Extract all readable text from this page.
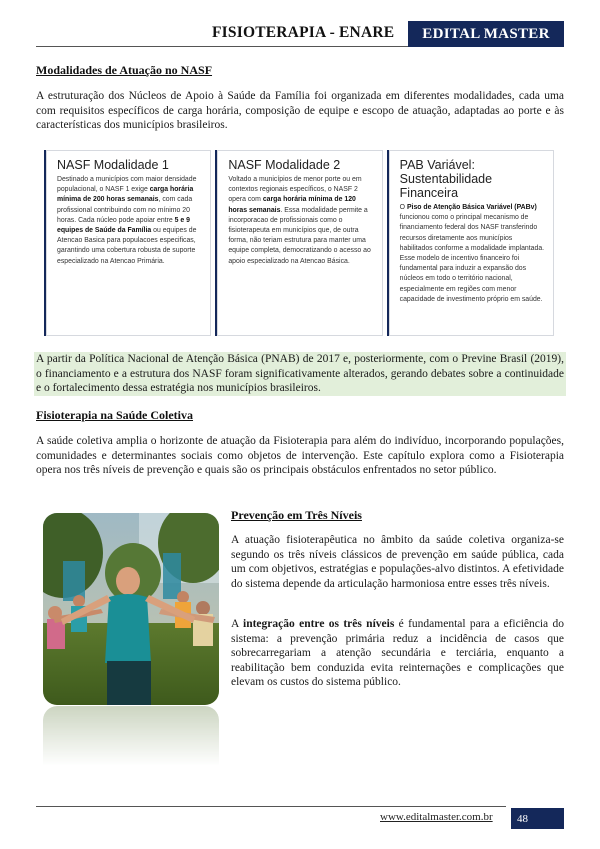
FISIOTERAPIA - ENARE	EDITAL MASTER
Modalidades de Atuação no NASF

A estruturação dos Núcleos de Apoio à Saúde da Família foi organizada em diferentes modalidades, cada uma com requisitos específicos de carga horária, composição de equipe e escopo de atuação, adaptadas ao porte e às características dos municípios brasileiros.

NASF Modalidade 1

Destinado a municípios com maior densidade populacional, o NASF 1 exige carga horária mínima de 200 horas semanais, com cada profissional contribuindo com no mínimo 20 horas. Cada núcleo pode apoiar entre 5 e 9 equipes de Saúde da Família ou equipes de Atencao Basica para populacoes especificas, garantindo uma cobertura robusta de suporte especializado na Atencao Primária.

NASF Modalidade 2

Voltado a municípios de menor porte ou em contextos regionais específicos, o NASF 2 opera com carga horária mínima de 120 horas semanais. Essa modalidade permite a incorporacao de profissionais como o fisioterapeuta em municípios que, de outra forma, não teriam estrutura para manter uma equipe completa, democratizando o acesso ao apoio especializado na Atencao Básica.

PAB Variável: Sustentabilidade Financeira

O Piso de Atenção Básica Variável (PABv) funcionou como o principal mecanismo de financiamento federal dos NASF transferindo recursos diretamente aos municípios habilitados conforme a modalidade implantada. Esse modelo de incentivo financeiro foi fundamental para induzir a expansão dos núcleos em todo o território nacional, especialmente em regiões com menor capacidade de investimento próprio em saúde.

A partir da Política Nacional de Atenção Básica (PNAB) de 2017 e, posteriormente, com o Previne Brasil (2019), o financiamento e a estrutura dos NASF foram significativamente alterados, gerando debates sobre a continuidade e o fortalecimento dessa estratégia nos municípios brasileiros.
Fisioterapia na Saúde Coletiva

A saúde coletiva amplia o horizonte de atuação da Fisioterapia para além do indivíduo, incorporando populações, comunidades e determinantes sociais como objetos de intervenção. Este capítulo explora como a Fisioterapia opera nos três níveis de prevenção e quais são os principais obstáculos enfrentados no setor público.

Prevenção em Três Níveis

A atuação fisioterapêutica no âmbito da saúde coletiva organiza-se segundo os três níveis clássicos de prevenção em saúde pública, cada um com objetivos, estratégias e populações-alvo distintos. A efetividade do sistema depende da articulação harmoniosa entre esses três níveis.

A integração entre os três níveis é fundamental para a eficiência do sistema: a prevenção primária reduz a incidência de casos que sobrecarregariam a atenção secundária e terciária, enquanto a reabilitação bem conduzida evita reinternações e complicações que elevam os custos do sistema público.

www.editalmaster.com.br	48
